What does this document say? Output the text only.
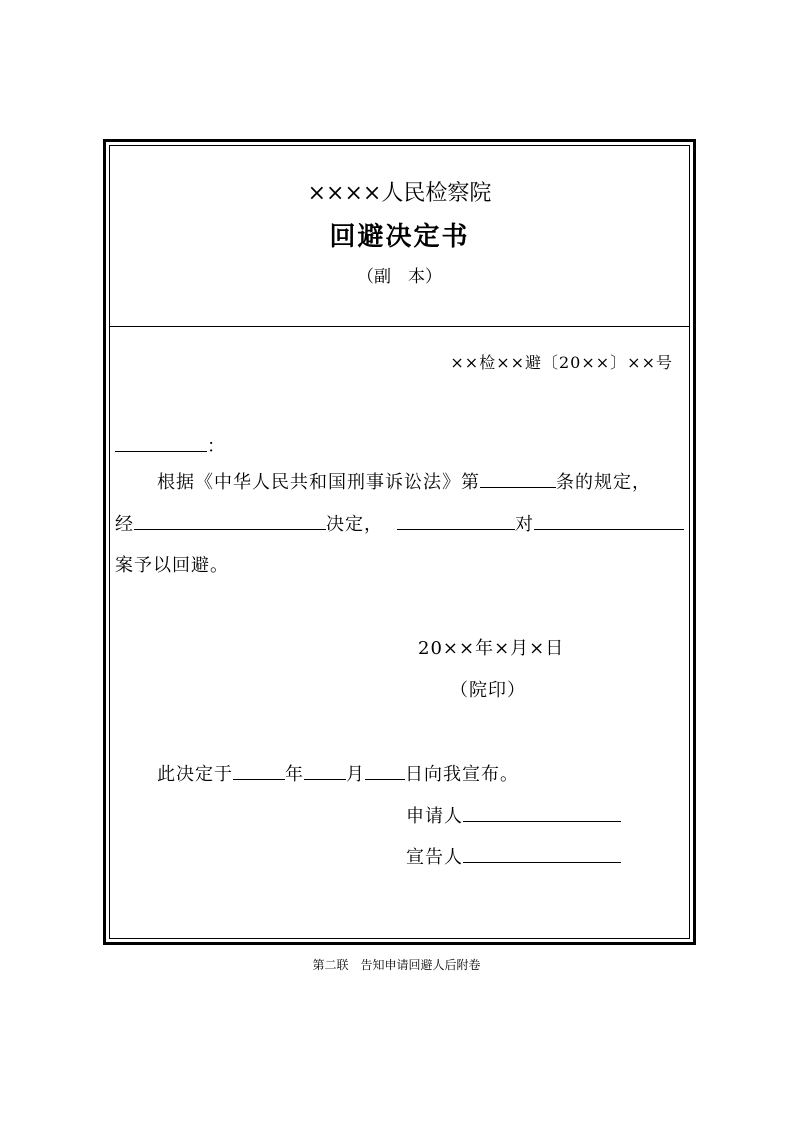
××××人民检察院
回避决定书
（副　本）
××检××避〔20××〕××号
：
根据《中华人民共和国刑事诉讼法》第	条的规定，
经	决定，	对
案予以回避。
20××年×月×日
（院印）
此决定于	年 月 日向我宣布。
申请人
宣告人
第二联　告知申请回避人后附卷
